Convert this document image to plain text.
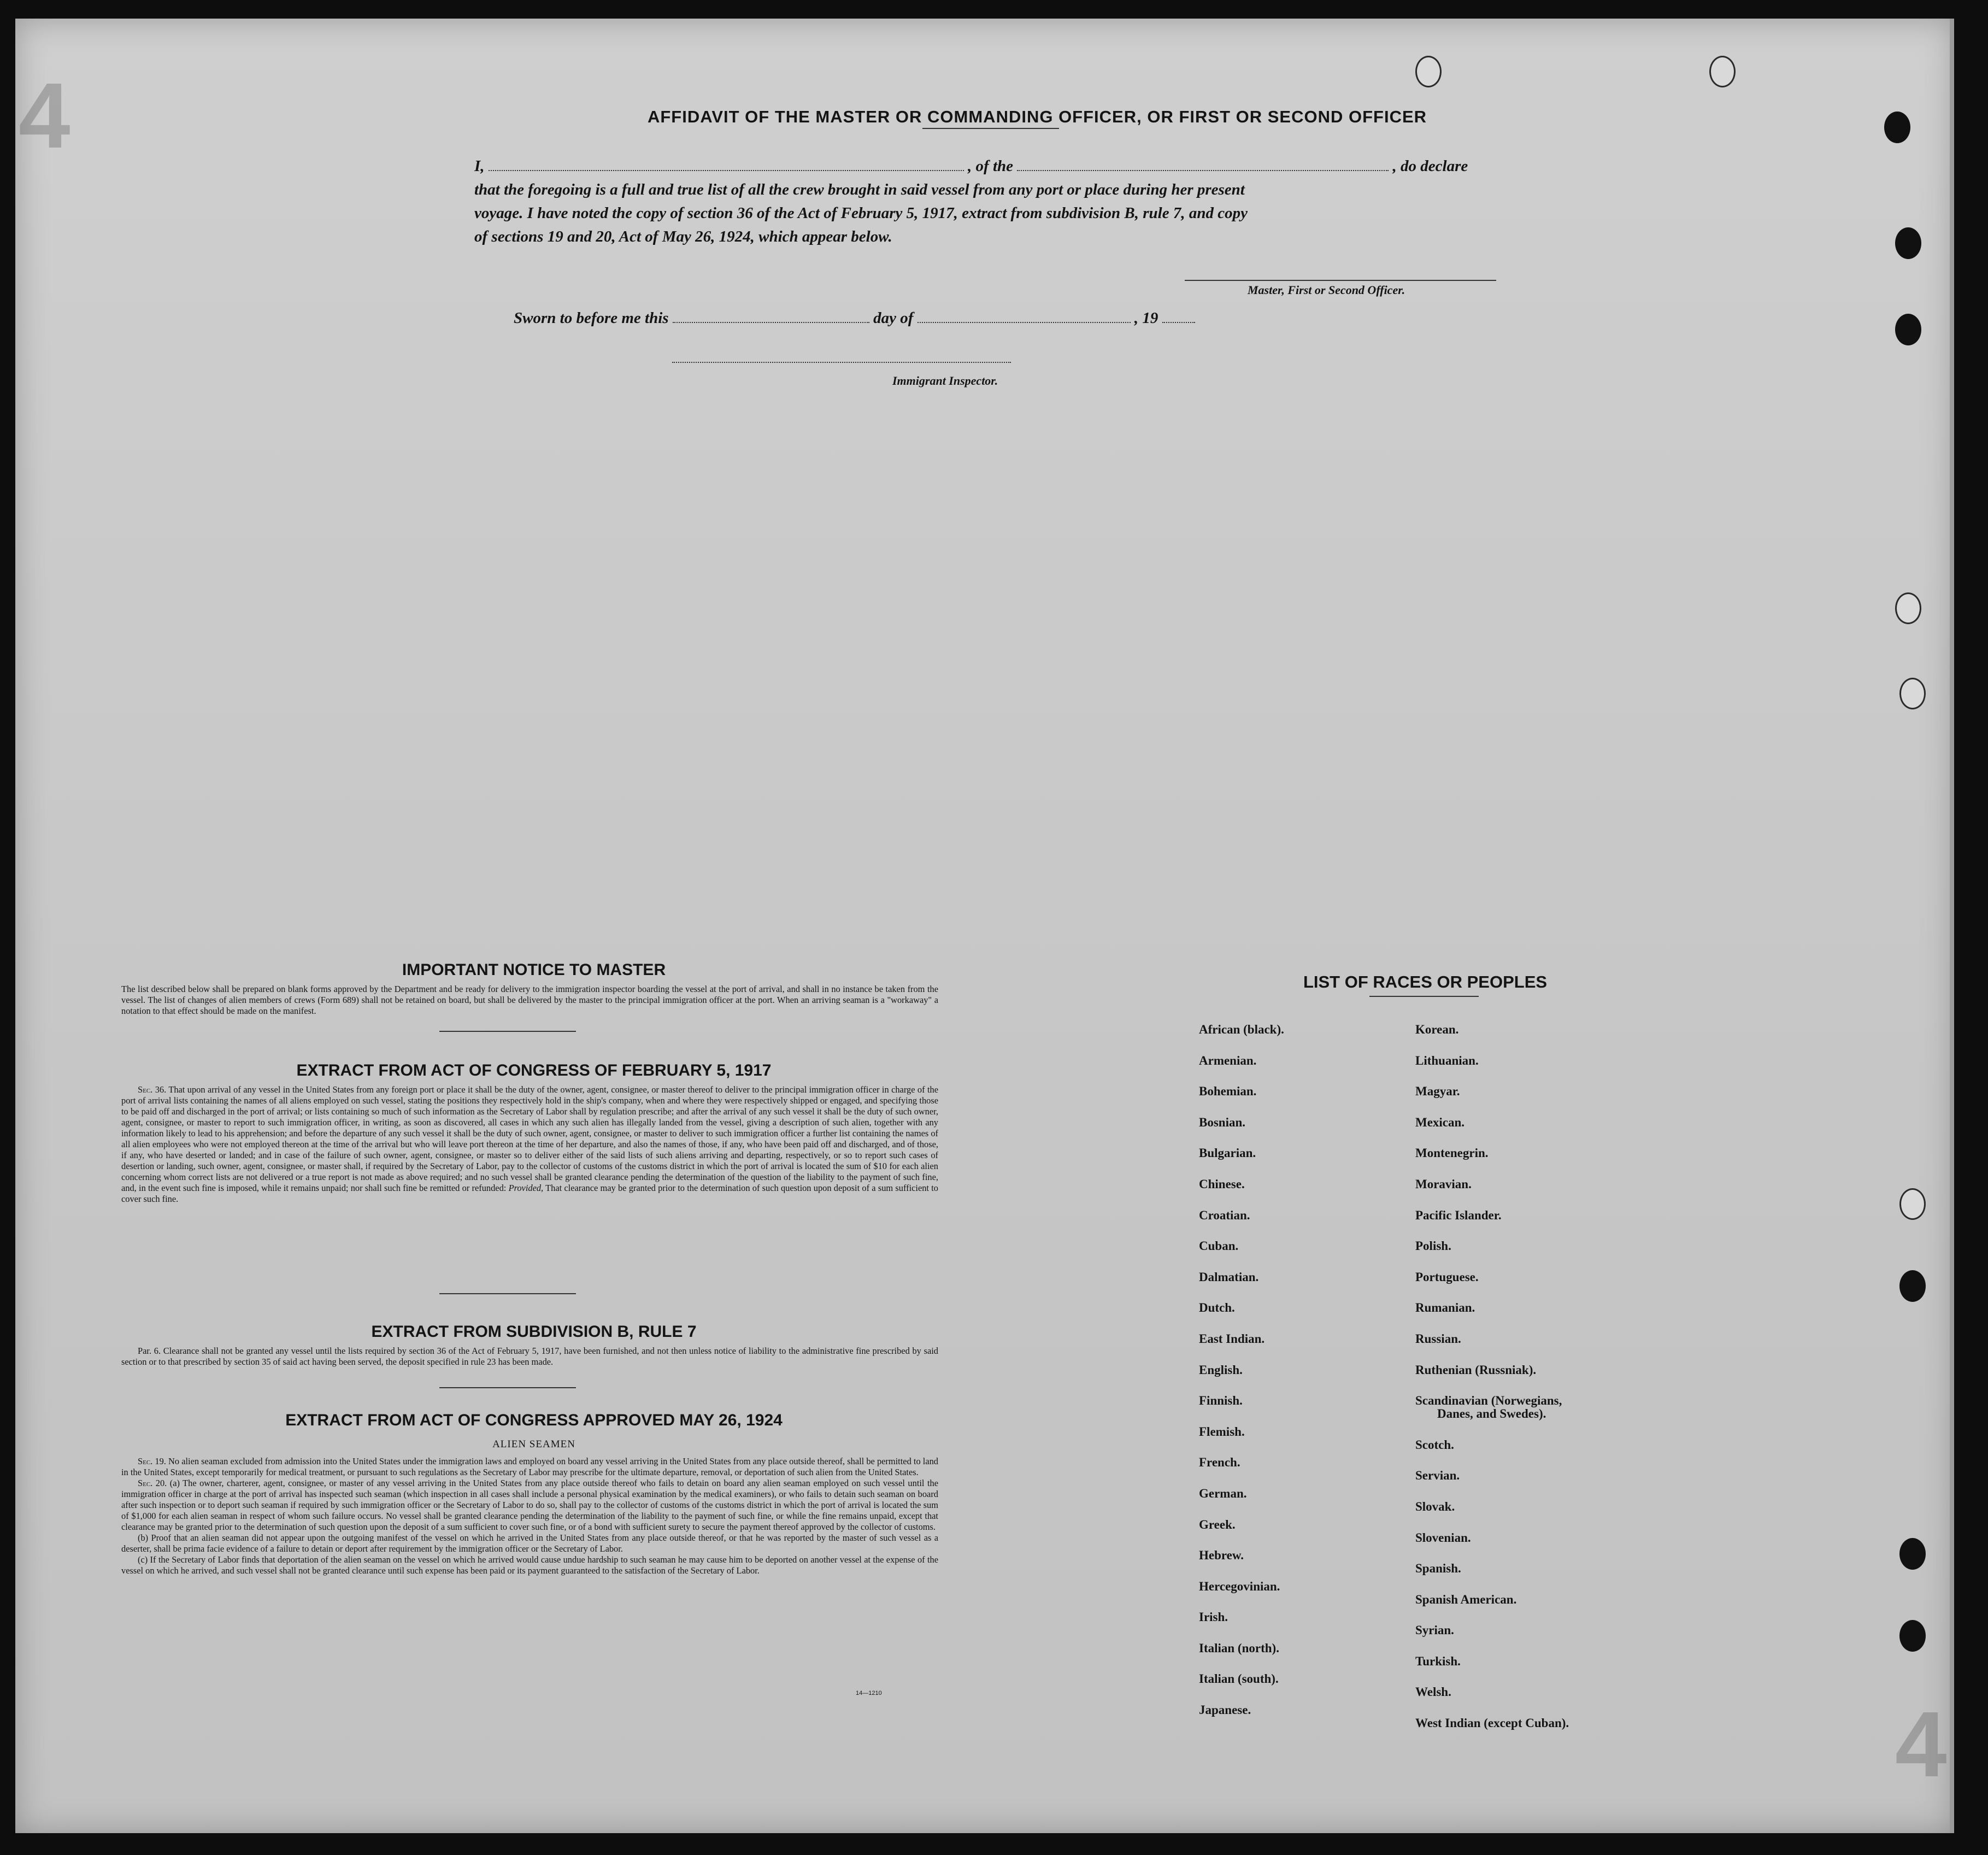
4
4
AFFIDAVIT OF THE MASTER OR COMMANDING OFFICER, OR FIRST OR SECOND OFFICER
I,	, of the	, do declare
that the foregoing is a full and true list of all the crew brought in said vessel from any port or place during her present
voyage. I have noted the copy of section 36 of the Act of February 5, 1917, extract from subdivision B, rule 7, and copy
of sections 19 and 20, Act of May 26, 1924, which appear below.
Master, First or Second Officer.
Sworn to before me this	day of	, 19
Immigrant Inspector.
IMPORTANT NOTICE TO MASTER
The list described below shall be prepared on blank forms approved by the Department and be ready for delivery to the immigration inspector boarding the vessel at the port of arrival, and shall in no instance be taken from the vessel. The list of changes of alien members of crews (Form 689) shall not be retained on board, but shall be delivered by the master to the principal immigration officer at the port. When an arriving seaman is a "workaway" a notation to that effect should be made on the manifest.
EXTRACT FROM ACT OF CONGRESS OF FEBRUARY 5, 1917
Sec. 36. That upon arrival of any vessel in the United States from any foreign port or place it shall be the duty of the owner, agent, consignee, or master thereof to deliver to the principal immigration officer in charge of the port of arrival lists containing the names of all aliens employed on such vessel, stating the positions they respectively hold in the ship's company, when and where they were respectively shipped or engaged, and specifying those to be paid off and discharged in the port of arrival; or lists containing so much of such information as the Secretary of Labor shall by regulation prescribe; and after the arrival of any such vessel it shall be the duty of such owner, agent, consignee, or master to report to such immigration officer, in writing, as soon as discovered, all cases in which any such alien has illegally landed from the vessel, giving a description of such alien, together with any information likely to lead to his apprehension; and before the departure of any such vessel it shall be the duty of such owner, agent, consignee, or master to deliver to such immigration officer a further list containing the names of all alien employees who were not employed thereon at the time of the arrival but who will leave port thereon at the time of her departure, and also the names of those, if any, who have been paid off and discharged, and of those, if any, who have deserted or landed; and in case of the failure of such owner, agent, consignee, or master so to deliver either of the said lists of such aliens arriving and departing, respectively, or so to report such cases of desertion or landing, such owner, agent, consignee, or master shall, if required by the Secretary of Labor, pay to the collector of customs of the customs district in which the port of arrival is located the sum of $10 for each alien concerning whom correct lists are not delivered or a true report is not made as above required; and no such vessel shall be granted clearance pending the determination of the question of the liability to the payment of such fine, and, in the event such fine is imposed, while it remains unpaid; nor shall such fine be remitted or refunded: Provided, That clearance may be granted prior to the determination of such question upon deposit of a sum sufficient to cover such fine.
EXTRACT FROM SUBDIVISION B, RULE 7
Par. 6. Clearance shall not be granted any vessel until the lists required by section 36 of the Act of February 5, 1917, have been furnished, and not then unless notice of liability to the administrative fine prescribed by said section or to that prescribed by section 35 of said act having been served, the deposit specified in rule 23 has been made.
EXTRACT FROM ACT OF CONGRESS APPROVED MAY 26, 1924
ALIEN SEAMEN
Sec. 19. No alien seaman excluded from admission into the United States under the immigration laws and employed on board any vessel arriving in the United States from any place outside thereof, shall be permitted to land in the United States, except temporarily for medical treatment, or pursuant to such regulations as the Secretary of Labor may prescribe for the ultimate departure, removal, or deportation of such alien from the United States.
Sec. 20. (a) The owner, charterer, agent, consignee, or master of any vessel arriving in the United States from any place outside thereof who fails to detain on board any alien seaman employed on such vessel until the immigration officer in charge at the port of arrival has inspected such seaman (which inspection in all cases shall include a personal physical examination by the medical examiners), or who fails to detain such seaman on board after such inspection or to deport such seaman if required by such immigration officer or the Secretary of Labor to do so, shall pay to the collector of customs of the customs district in which the port of arrival is located the sum of $1,000 for each alien seaman in respect of whom such failure occurs. No vessel shall be granted clearance pending the determination of the liability to the payment of such fine, or while the fine remains unpaid, except that clearance may be granted prior to the determination of such question upon the deposit of a sum sufficient to cover such fine, or of a bond with sufficient surety to secure the payment thereof approved by the collector of customs.
(b) Proof that an alien seaman did not appear upon the outgoing manifest of the vessel on which he arrived in the United States from any place outside thereof, or that he was reported by the master of such vessel as a deserter, shall be prima facie evidence of a failure to detain or deport after requirement by the immigration officer or the Secretary of Labor.
(c) If the Secretary of Labor finds that deportation of the alien seaman on the vessel on which he arrived would cause undue hardship to such seaman he may cause him to be deported on another vessel at the expense of the vessel on which he arrived, and such vessel shall not be granted clearance until such expense has been paid or its payment guaranteed to the satisfaction of the Secretary of Labor.
14—1210
LIST OF RACES OR PEOPLES
African (black).
Armenian.
Bohemian.
Bosnian.
Bulgarian.
Chinese.
Croatian.
Cuban.
Dalmatian.
Dutch.
East Indian.
English.
Finnish.
Flemish.
French.
German.
Greek.
Hebrew.
Hercegovinian.
Irish.
Italian (north).
Italian (south).
Japanese.
Korean.
Lithuanian.
Magyar.
Mexican.
Montenegrin.
Moravian.
Pacific Islander.
Polish.
Portuguese.
Rumanian.
Russian.
Ruthenian (Russniak).
Scandinavian (Norwegians,
Danes, and Swedes).
Scotch.
Servian.
Slovak.
Slovenian.
Spanish.
Spanish American.
Syrian.
Turkish.
Welsh.
West Indian (except Cuban).
